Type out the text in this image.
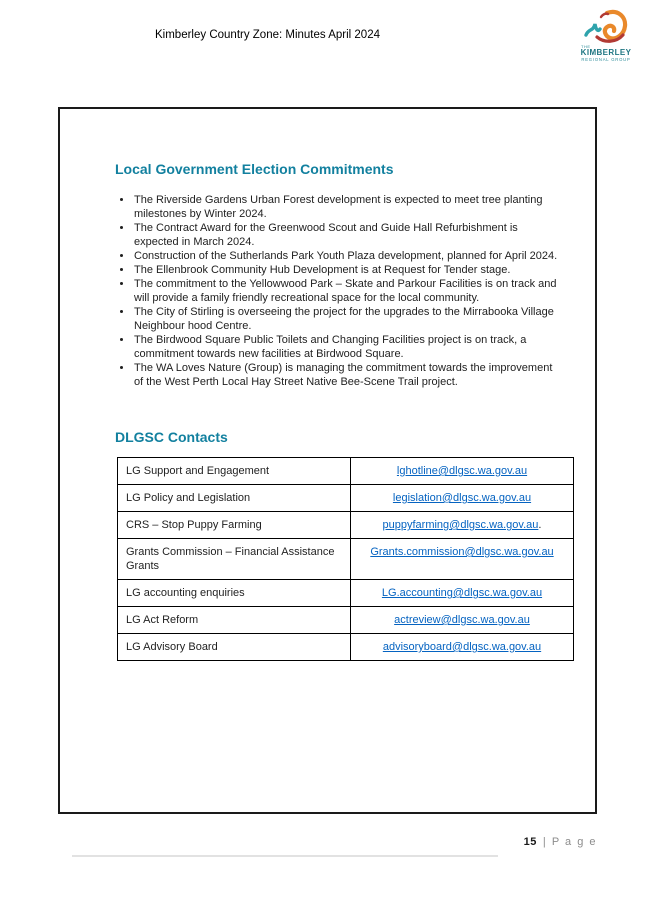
Kimberley Country Zone: Minutes April 2024
THE
KIMBERLEY
REGIONAL GROUP
Local Government Election Commitments
• The Riverside Gardens Urban Forest development is expected to meet tree planting milestones by Winter 2024.
• The Contract Award for the Greenwood Scout and Guide Hall Refurbishment is expected in March 2024.
• Construction of the Sutherlands Park Youth Plaza development, planned for April 2024.
• The Ellenbrook Community Hub Development is at Request for Tender stage.
• The commitment to the Yellowwood Park – Skate and Parkour Facilities is on track and will provide a family friendly recreational space for the local community.
• The City of Stirling is overseeing the project for the upgrades to the Mirrabooka Village Neighbour hood Centre.
• The Birdwood Square Public Toilets and Changing Facilities project is on track, a commitment towards new facilities at Birdwood Square.
• The WA Loves Nature (Group) is managing the commitment towards the improvement of the West Perth Local Hay Street Native Bee-Scene Trail project.
DLGSC Contacts
LG Support and Engagement	lghotline@dlgsc.wa.gov.au
LG Policy and Legislation	legislation@dlgsc.wa.gov.au
CRS – Stop Puppy Farming	puppyfarming@dlgsc.wa.gov.au.
Grants Commission – Financial Assistance Grants	Grants.commission@dlgsc.wa.gov.au
LG accounting enquiries	LG.accounting@dlgsc.wa.gov.au
LG Act Reform	actreview@dlgsc.wa.gov.au
LG Advisory Board	advisoryboard@dlgsc.wa.gov.au
15 | P a g e
